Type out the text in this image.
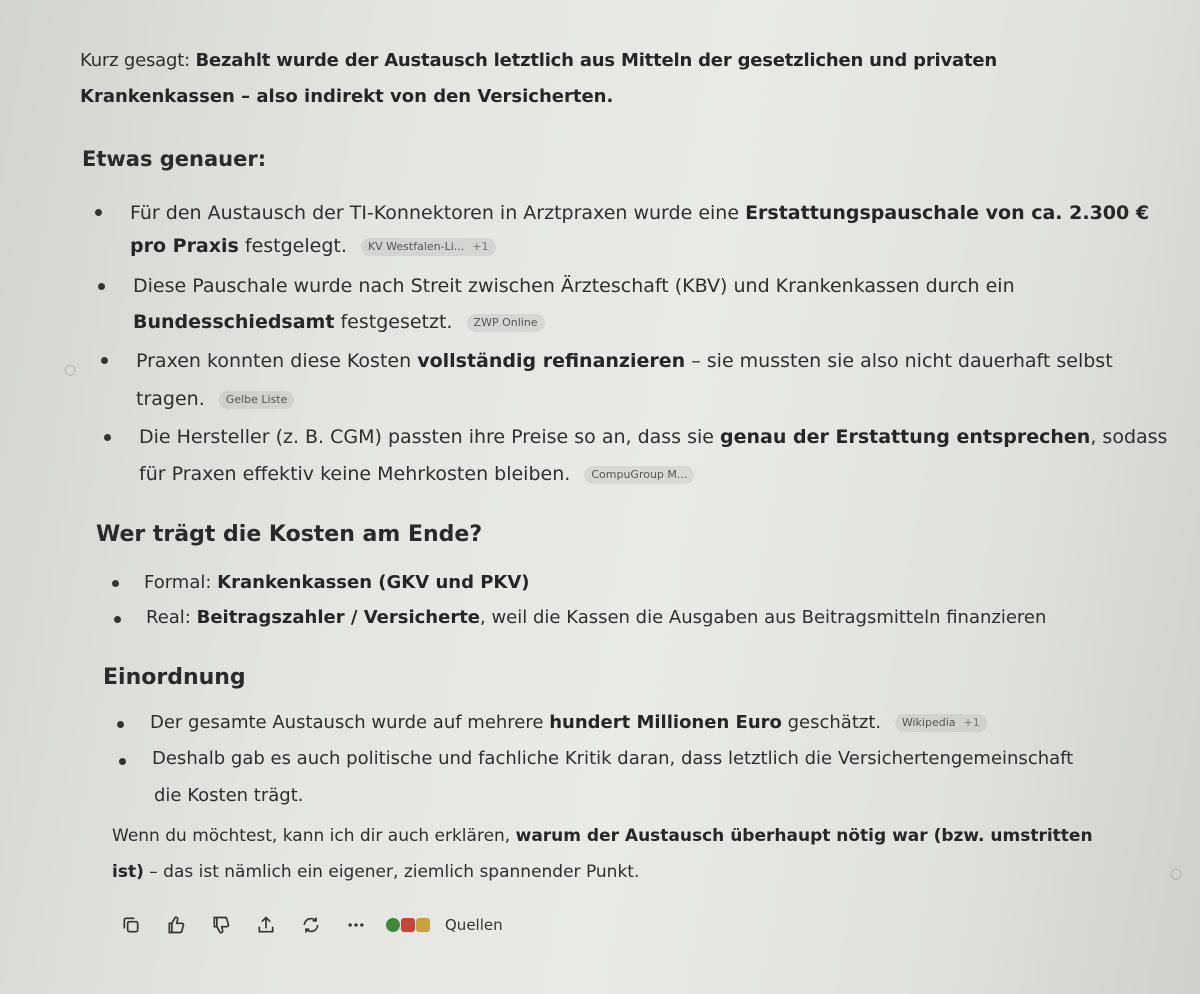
Kurz gesagt: Bezahlt wurde der Austausch letztlich aus Mitteln der gesetzlichen und privaten
Krankenkassen – also indirekt von den Versicherten.
Etwas genauer:
Für den Austausch der TI-Konnektoren in Arztpraxen wurde eine Erstattungspauschale von ca. 2.300 €
pro Praxis festgelegt. KV Westfalen-Li... +1
Diese Pauschale wurde nach Streit zwischen Ärzteschaft (KBV) und Krankenkassen durch ein
Bundesschiedsamt festgesetzt. ZWP Online
Praxen konnten diese Kosten vollständig refinanzieren – sie mussten sie also nicht dauerhaft selbst
tragen. Gelbe Liste
Die Hersteller (z. B. CGM) passten ihre Preise so an, dass sie genau der Erstattung entsprechen, sodass
für Praxen effektiv keine Mehrkosten bleiben. CompuGroup M...
Wer trägt die Kosten am Ende?
Formal: Krankenkassen (GKV und PKV)
Real: Beitragszahler / Versicherte, weil die Kassen die Ausgaben aus Beitragsmitteln finanzieren
Einordnung
Der gesamte Austausch wurde auf mehrere hundert Millionen Euro geschätzt. Wikipedia +1
Deshalb gab es auch politische und fachliche Kritik daran, dass letztlich die Versichertengemeinschaft
die Kosten trägt.
Wenn du möchtest, kann ich dir auch erklären, warum der Austausch überhaupt nötig war (bzw. umstritten
ist) – das ist nämlich ein eigener, ziemlich spannender Punkt.
Quellen
○
○
